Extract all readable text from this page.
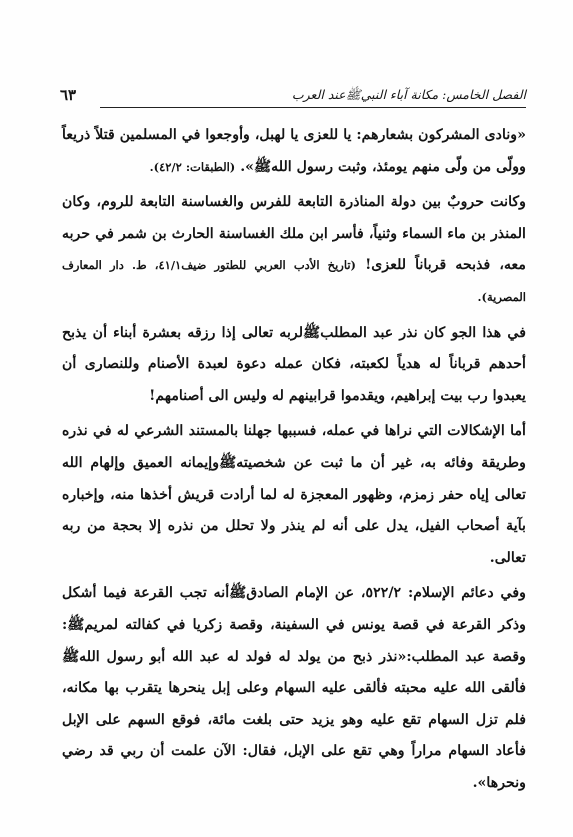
الفصل الخامس: مكانة آباء النبيﷺعند العرب
٦٣

«ونادى المشركون بشعارهم: يا للعزى يا لهبل، وأوجعوا في المسلمين قتلاً ذريعاً وولّى من ولّى منهم يومئذ، وثبت رسول اللهﷺ». (الطبقات: ٤٢/٢).

وكانت حروبٌ بين دولة المناذرة التابعة للفرس والغساسنة التابعة للروم، وكان المنذر بن ماء السماء وثنياً، فأسر ابن ملك الغساسنة الحارث بن شمر في حربه معه، فذبحه قرباناً للعزى! (تاريخ الأدب العربي للطتور ضيف٤١/١، ط. دار المعارف المصرية).

في هذا الجو كان نذر عبد المطلبﷺلربه تعالى إذا رزقه بعشرة أبناء أن يذبح أحدهم قرباناً له هدياً لكعبته، فكان عمله دعوة لعبدة الأصنام وللنصارى أن يعبدوا رب بيت إبراهيم، ويقدموا قرابينهم له وليس الى أصنامهم!

أما الإشكالات التي نراها في عمله، فسببها جهلنا بالمستند الشرعي له في نذره وطريقة وفائه به، غير أن ما ثبت عن شخصيتهﷺوإيمانه العميق وإلهام الله تعالى إياه حفر زمزم، وظهور المعجزة له لما أرادت قريش أخذها منه، وإخباره بآية أصحاب الفيل، يدل على أنه لم ينذر ولا تحلل من نذره إلا بحجة من ربه تعالى.

وفي دعائم الإسلام: ٥٢٢/٢، عن الإمام الصادقﷺأنه تجب القرعة فيما أشكل وذكر القرعة في قصة يونس في السفينة، وقصة زكريا في كفالته لمريمﷺ: وقصة عبد المطلب:«نذر ذبح من يولد له فولد له عبد الله أبو رسول اللهﷺ فألقى الله عليه محبته فألقى عليه السهام وعلى إبل ينحرها يتقرب بها مكانه، فلم تزل السهام تقع عليه وهو يزيد حتى بلغت مائة، فوقع السهم على الإبل فأعاد السهام مراراً وهي تقع على الإبل، فقال: الآن علمت أن ربي قد رضي ونحرها».
